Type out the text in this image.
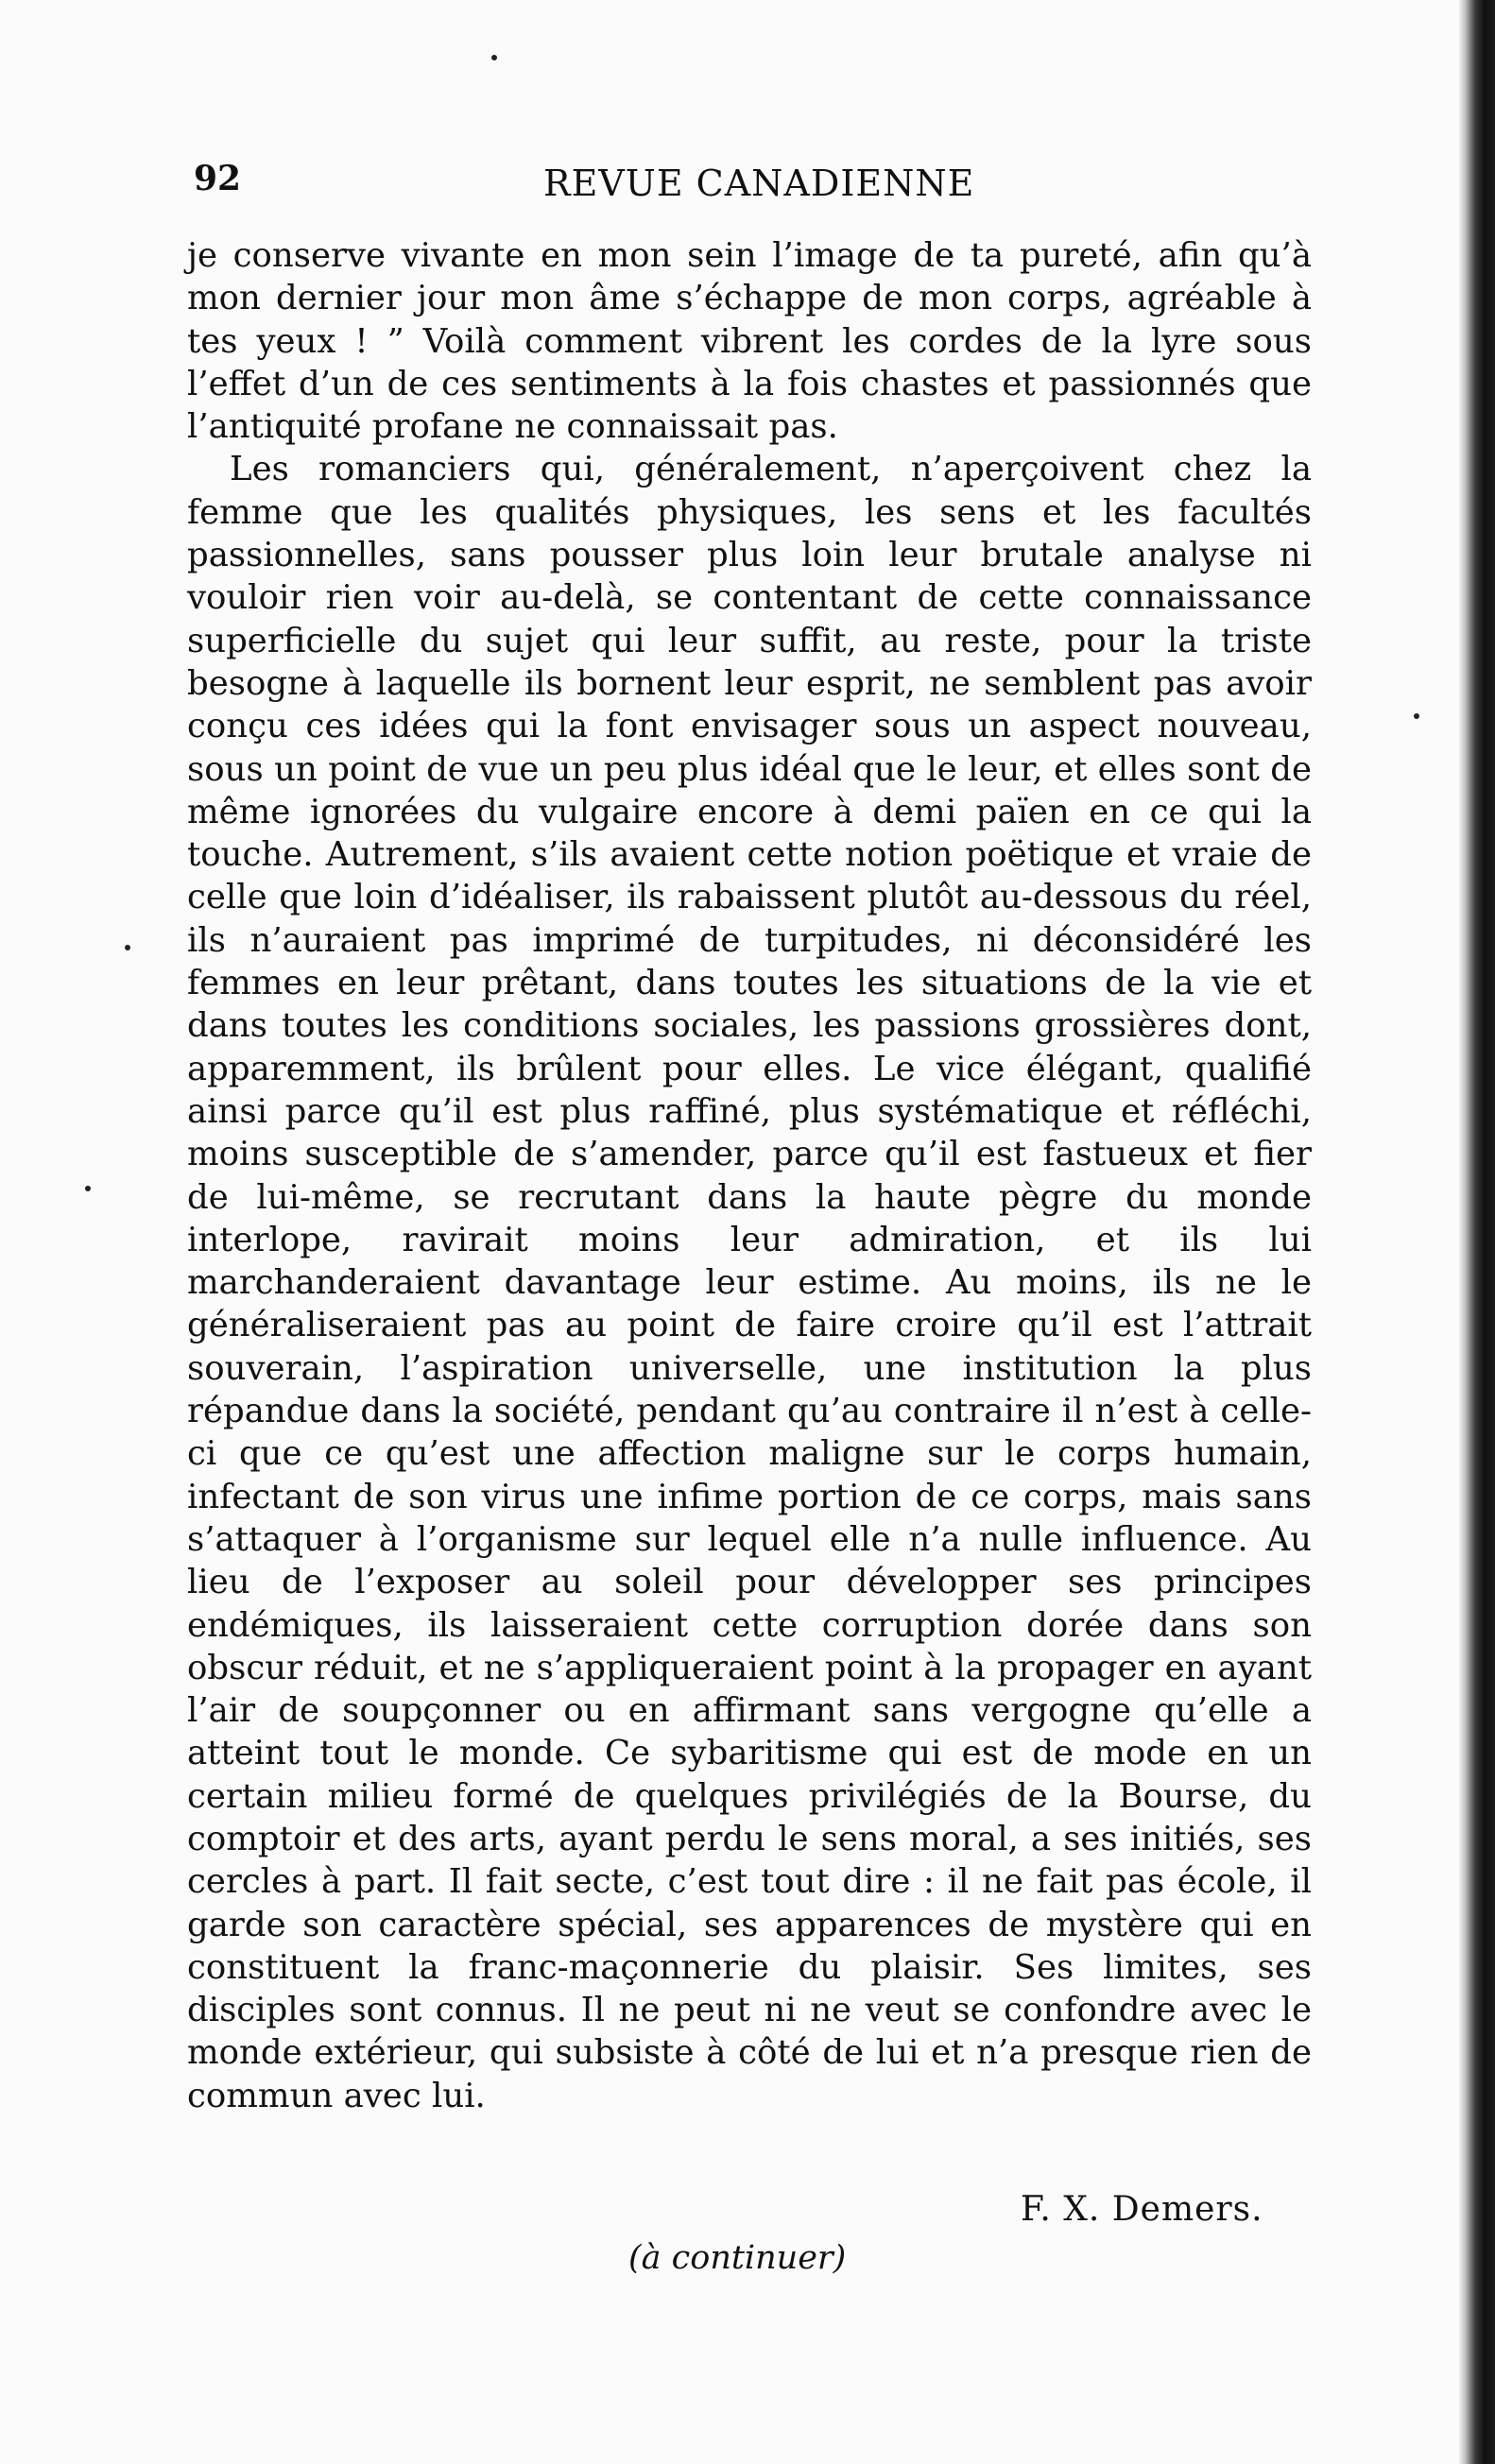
92	REVUE CANADIENNE

je conserve vivante en mon sein l’image de ta pureté, afin qu’à mon dernier jour mon âme s’échappe de mon corps, agréable à tes yeux ! ” Voilà comment vibrent les cordes de la lyre sous l’effet d’un de ces sentiments à la fois chastes et passionnés que l’antiquité profane ne connaissait pas.

Les romanciers qui, généralement, n’aperçoivent chez la femme que les qualités physiques, les sens et les facultés passionnelles, sans pousser plus loin leur brutale analyse ni vouloir rien voir au-delà, se contentant de cette connaissance superficielle du sujet qui leur suffit, au reste, pour la triste besogne à laquelle ils bornent leur esprit, ne semblent pas avoir conçu ces idées qui la font envisager sous un aspect nouveau, sous un point de vue un peu plus idéal que le leur, et elles sont de même ignorées du vulgaire encore à demi païen en ce qui la touche. Autrement, s’ils avaient cette notion poëtique et vraie de celle que loin d’idéaliser, ils rabaissent plutôt au-dessous du réel, ils n’auraient pas imprimé de turpitudes, ni déconsidéré les femmes en leur prêtant, dans toutes les situations de la vie et dans toutes les conditions sociales, les passions grossières dont, apparemment, ils brûlent pour elles. Le vice élégant, qualifié ainsi parce qu’il est plus raffiné, plus systématique et réfléchi, moins susceptible de s’amender, parce qu’il est fastueux et fier de lui-même, se recrutant dans la haute pègre du monde interlope, ravirait moins leur admiration, et ils lui marchanderaient davantage leur estime. Au moins, ils ne le généraliseraient pas au point de faire croire qu’il est l’attrait souverain, l’aspiration universelle, une institution la plus répandue dans la société, pendant qu’au contraire il n’est à celle-ci que ce qu’est une affection maligne sur le corps humain, infectant de son virus une infime portion de ce corps, mais sans s’attaquer à l’organisme sur lequel elle n’a nulle influence. Au lieu de l’exposer au soleil pour développer ses principes endémiques, ils laisseraient cette corruption dorée dans son obscur réduit, et ne s’appliqueraient point à la propager en ayant l’air de soupçonner ou en affirmant sans vergogne qu’elle a atteint tout le monde. Ce sybaritisme qui est de mode en un certain milieu formé de quelques privilégiés de la Bourse, du comptoir et des arts, ayant perdu le sens moral, a ses initiés, ses cercles à part. Il fait secte, c’est tout dire : il ne fait pas école, il garde son caractère spécial, ses apparences de mystère qui en constituent la franc-maçonnerie du plaisir. Ses limites, ses disciples sont connus. Il ne peut ni ne veut se confondre avec le monde extérieur, qui subsiste à côté de lui et n’a presque rien de commun avec lui.

F. X. Demers.
(à continuer)
